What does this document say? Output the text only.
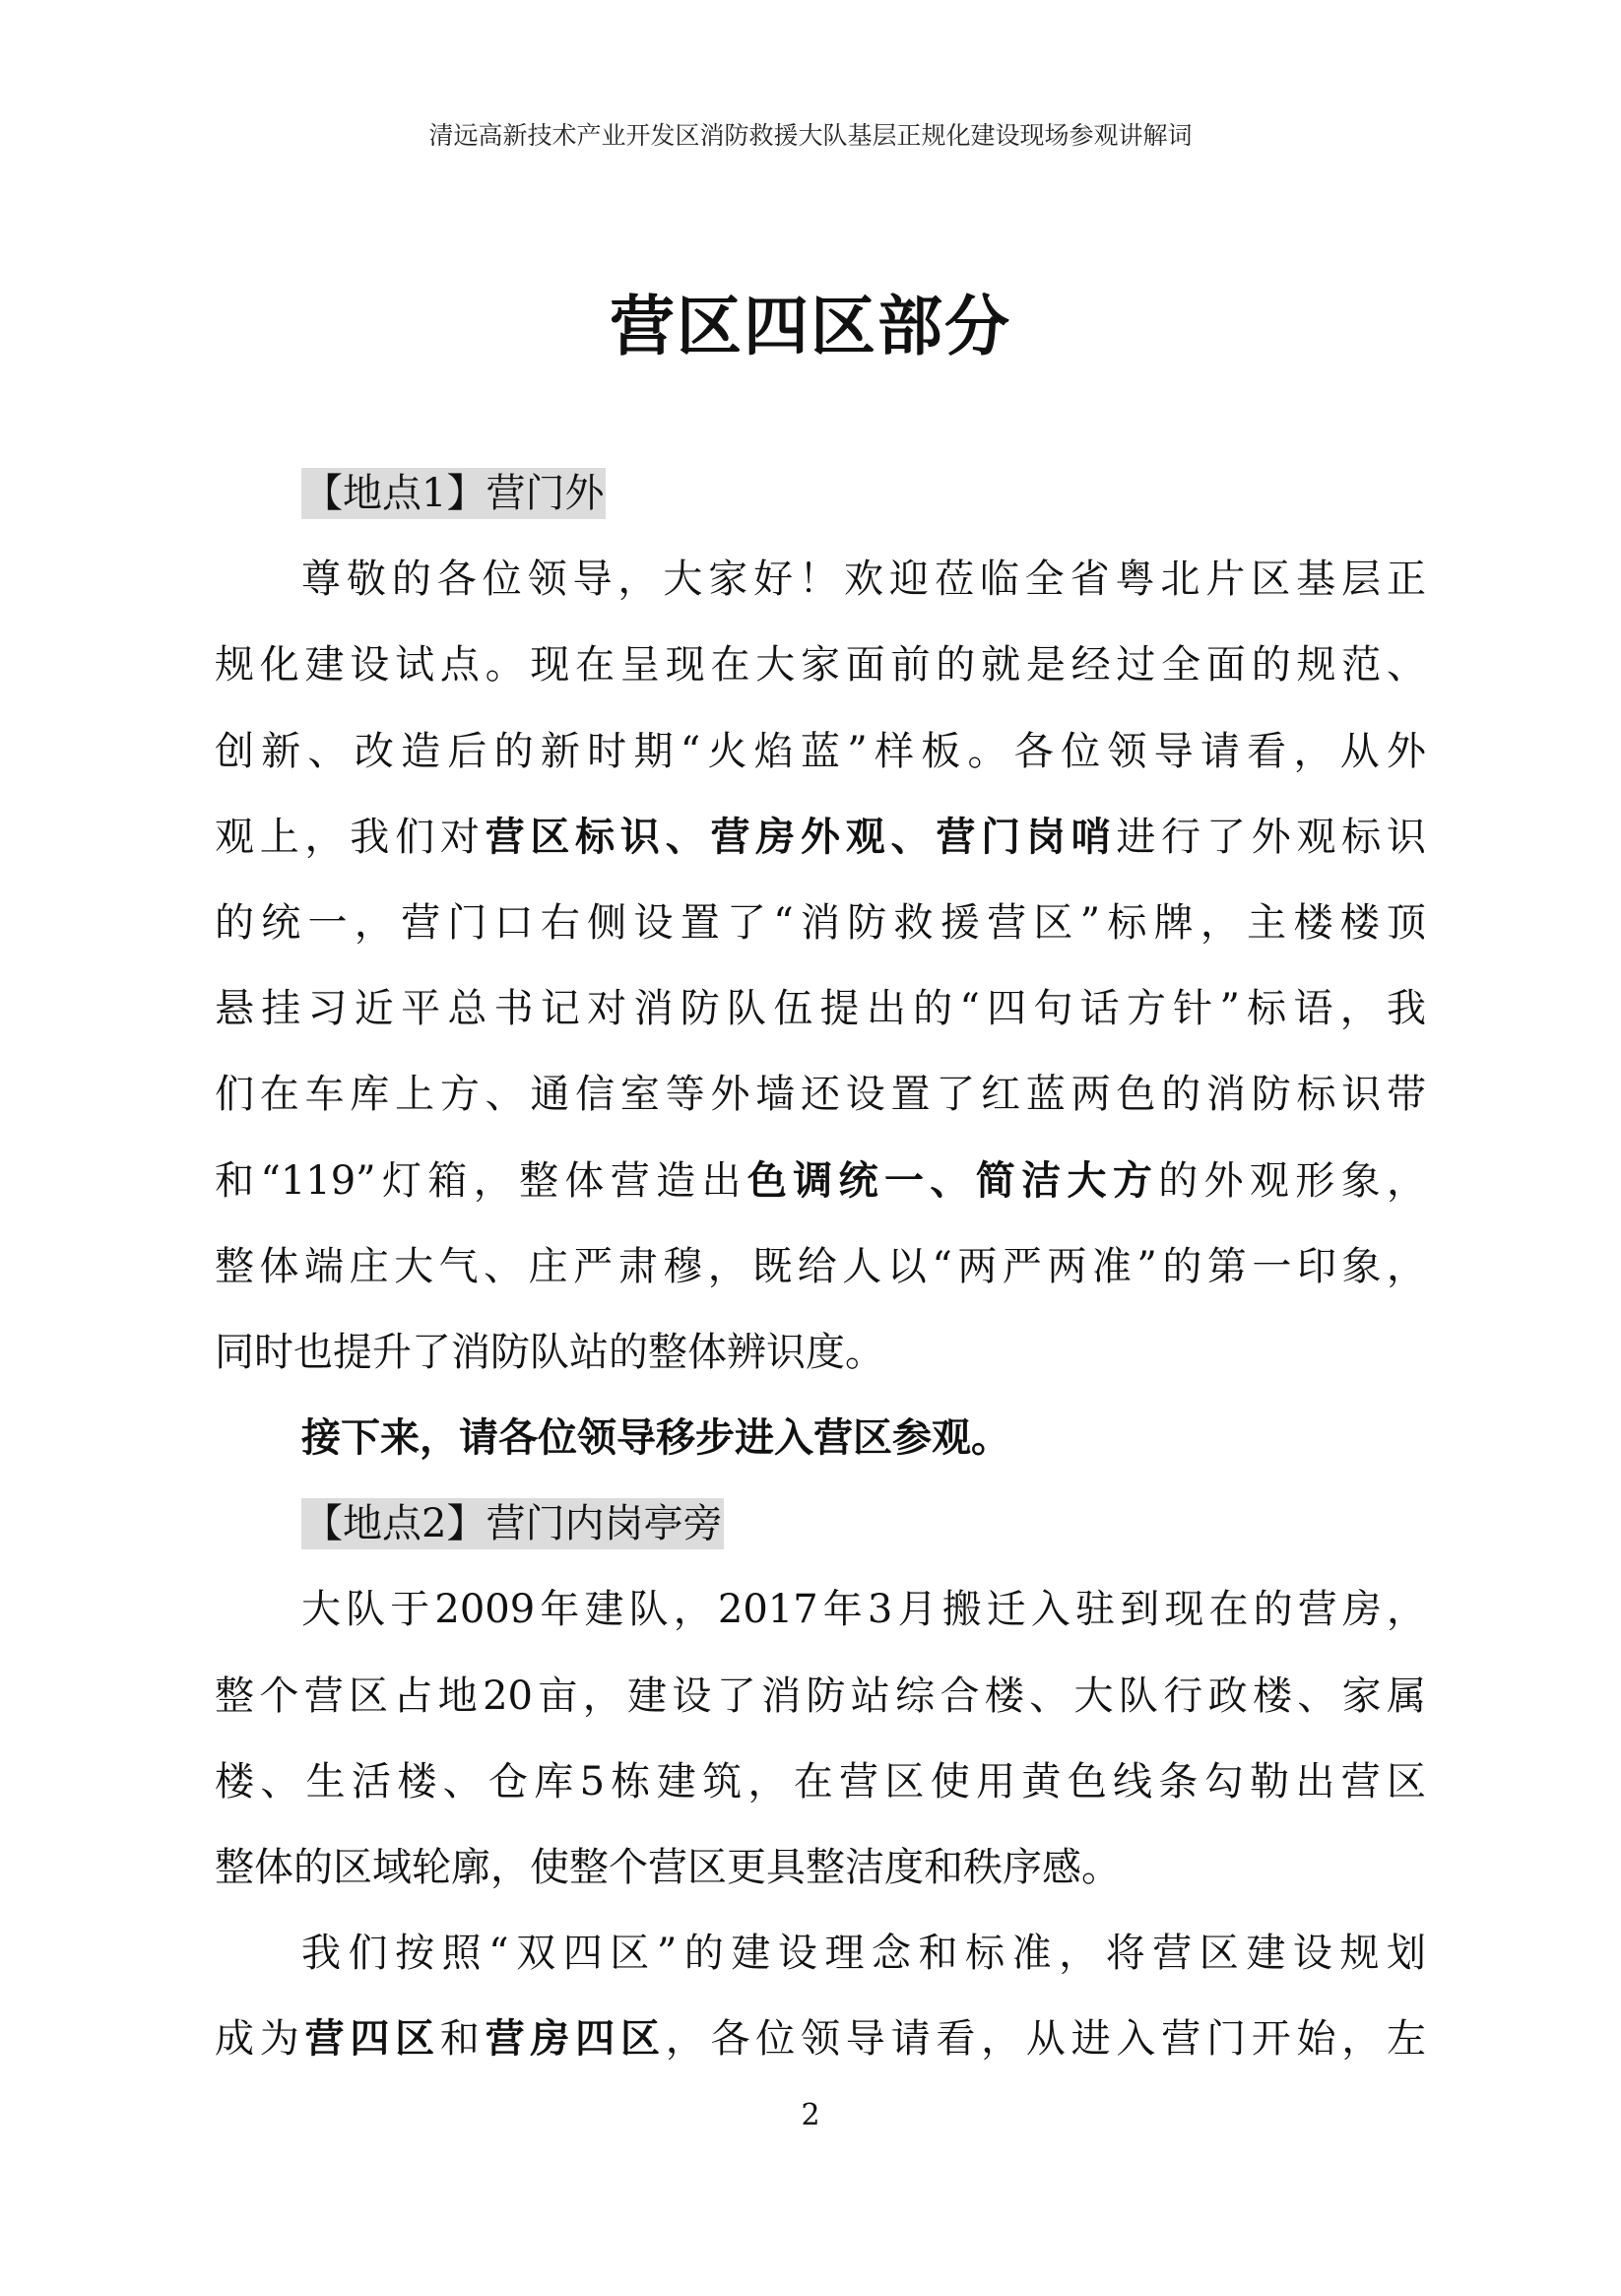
清远高新技术产业开发区消防救援大队基层正规化建设现场参观讲解词
营区四区部分
【地点1】营门外
尊敬的各位领导，大家好！欢迎莅临全省粤北片区基层正
规化建设试点。现在呈现在大家面前的就是经过全面的规范、
创新、改造后的新时期“火焰蓝”样板。各位领导请看，从外
观上，我们对营区标识、营房外观、营门岗哨进行了外观标识
的统一，营门口右侧设置了“消防救援营区”标牌，主楼楼顶
悬挂习近平总书记对消防队伍提出的“四句话方针”标语，我
们在车库上方、通信室等外墙还设置了红蓝两色的消防标识带
和“119”灯箱，整体营造出色调统一、简洁大方的外观形象，
整体端庄大气、庄严肃穆，既给人以“两严两准”的第一印象，
同时也提升了消防队站的整体辨识度。
接下来，请各位领导移步进入营区参观。
【地点2】营门内岗亭旁
大队于2009年建队，2017年3月搬迁入驻到现在的营房，
整个营区占地20亩，建设了消防站综合楼、大队行政楼、家属
楼、生活楼、仓库5栋建筑，在营区使用黄色线条勾勒出营区
整体的区域轮廓，使整个营区更具整洁度和秩序感。
我们按照“双四区”的建设理念和标准，将营区建设规划
成为营四区和营房四区，各位领导请看，从进入营门开始，左
2
